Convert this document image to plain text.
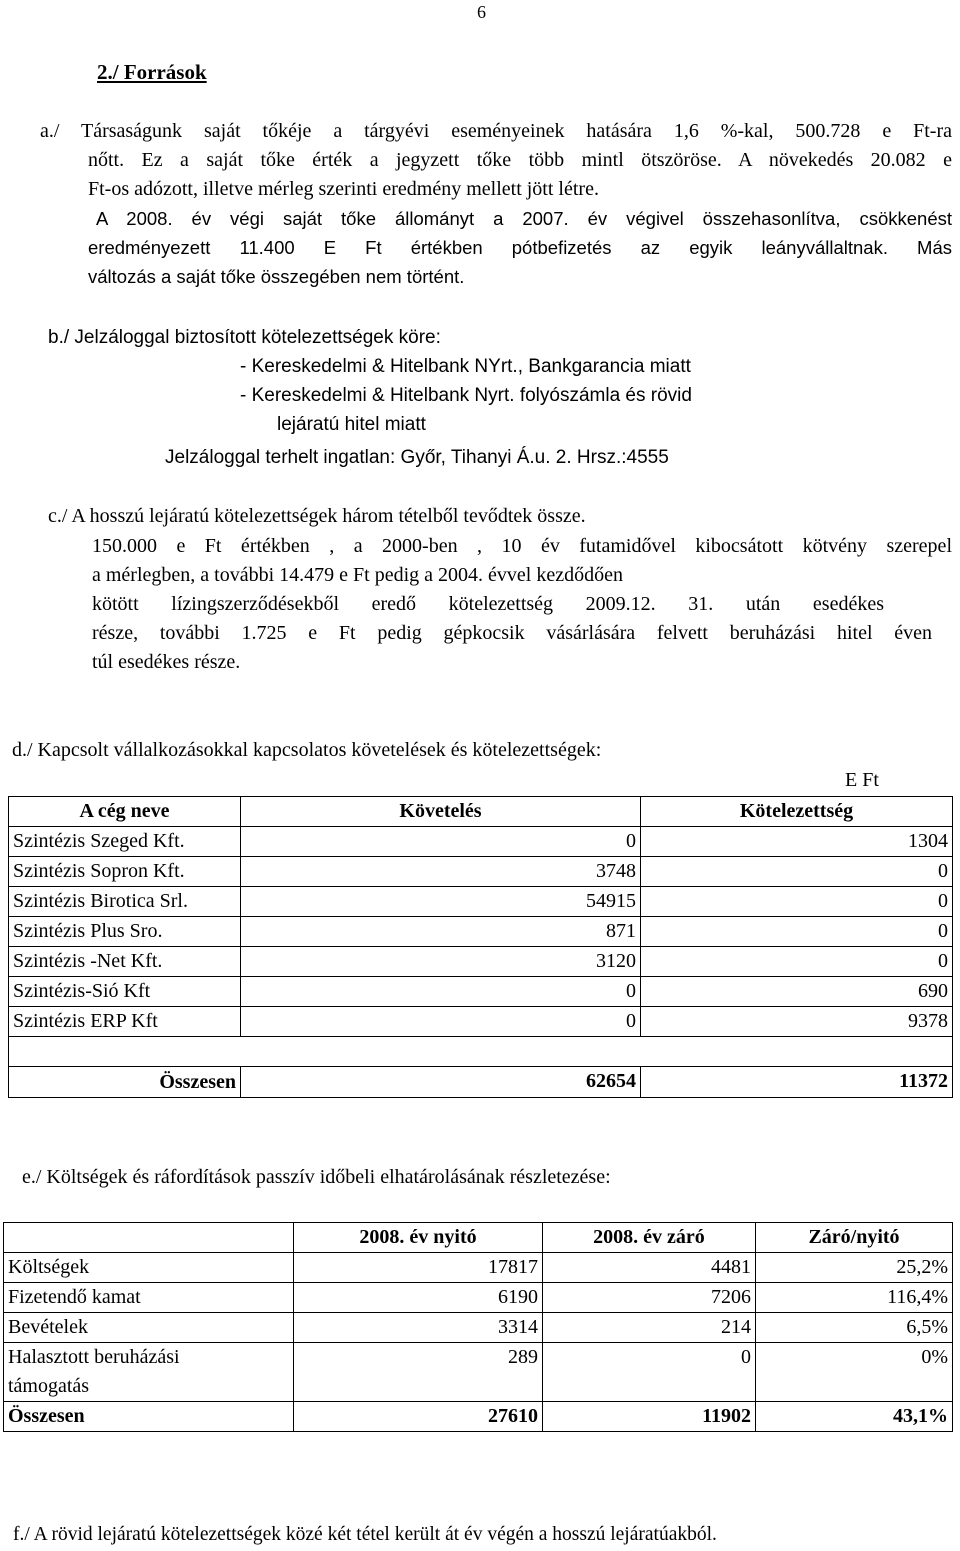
6
2./ Források
a./ Társaságunk saját tőkéje a tárgyévi eseményeinek hatására 1,6 %-kal, 500.728 e Ft-ra
nőtt. Ez a saját tőke érték a jegyzett tőke több mintl ötszöröse. A növekedés 20.082 e
Ft-os adózott, illetve mérleg szerinti eredmény mellett jött létre.
A 2008. év végi saját tőke állományt a 2007. év végivel összehasonlítva, csökkenést
eredményezett 11.400 E Ft értékben pótbefizetés az egyik leányvállaltnak. Más
változás a saját tőke összegében nem történt.
b./ Jelzáloggal biztosított kötelezettségek köre:
- Kereskedelmi & Hitelbank NYrt., Bankgarancia miatt
- Kereskedelmi & Hitelbank Nyrt. folyószámla és rövid
lejáratú hitel miatt
Jelzáloggal terhelt ingatlan: Győr, Tihanyi Á.u. 2. Hrsz.:4555
c./ A hosszú lejáratú kötelezettségek három tételből tevődtek össze.
150.000 e Ft értékben , a 2000-ben , 10 év futamidővel kibocsátott kötvény szerepel
a mérlegben, a további 14.479 e Ft pedig a 2004. évvel kezdődően
kötött lízingszerződésekből eredő kötelezettség 2009.12. 31. után esedékes
része, további 1.725 e Ft pedig gépkocsik vásárlására felvett beruházási hitel éven
túl esedékes része.
d./ Kapcsolt vállalkozásokkal kapcsolatos követelések és kötelezettségek:
E Ft
A cég neve	Követelés	Kötelezettség
Szintézis Szeged Kft.	0	1304
Szintézis Sopron Kft.	3748	0
Szintézis Birotica Srl.	54915	0
Szintézis Plus Sro.	871	0
Szintézis -Net Kft.	3120	0
Szintézis-Sió Kft	0	690
Szintézis ERP Kft	0	9378

Összesen	62654	11372
e./ Költségek és ráfordítások passzív időbeli elhatárolásának részletezése:
	2008. év nyitó	2008. év záró	Záró/nyitó
Költségek	17817	4481	25,2%
Fizetendő kamat	6190	7206	116,4%
Bevételek	3314	214	6,5%

Halasztott beruházási
támogatás	289	0	0%
Összesen	27610	11902	43,1%
f./ A rövid lejáratú kötelezettségek közé két tétel került át év végén a hosszú lejáratúakból.
